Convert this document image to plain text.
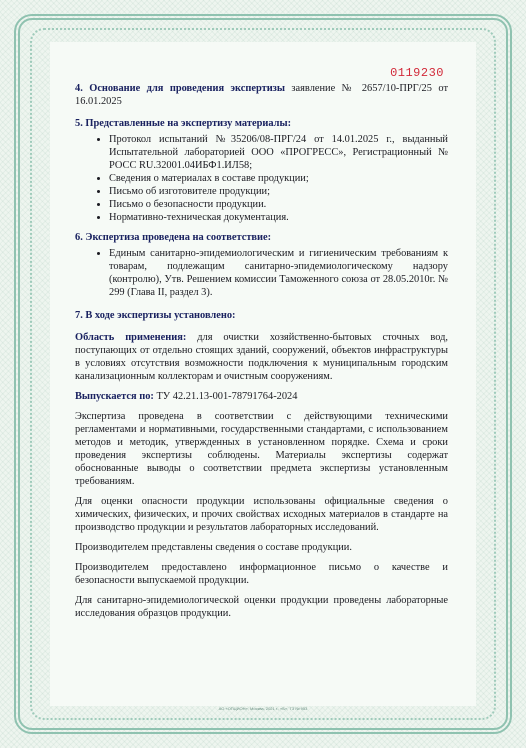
0119230

4. Основание для проведения экспертизы заявление № 2657/10-ПРГ/25 от 16.01.2025

5. Представленные на экспертизу материалы:
• Протокол испытаний №35206/08-ПРГ/24 от 14.01.2025 г., выданный Испытательной лабораторией ООО «ПРОГРЕСС», Регистрационный № РОСС RU.32001.04ИБФ1.ИЛ58;
• Сведения о материалах в составе продукции;
• Письмо об изготовителе продукции;
• Письмо о безопасности продукции.
• Нормативно-техническая документация.
6. Экспертиза проведена на соответствие:
• Единым санитарно-эпидемиологическим и гигиеническим требованиям к товарам, подлежащим санитарно-эпидемиологическому надзору (контролю), Утв. Решением комиссии Таможенного союза от 28.05.2010г. № 299 (Глава II, раздел 3).
7. В ходе экспертизы установлено:

Область применения: для очистки хозяйственно-бытовых сточных вод, поступающих от отдельно стоящих зданий, сооружений, объектов инфраструктуры в условиях отсутствия возможности подключения к муниципальным городским канализационным коллекторам и очистным сооружениям.

Выпускается по: ТУ 42.21.13-001-78791764-2024

Экспертиза проведена в соответствии с действующими техническими регламентами и нормативными, государственными стандартами, с использованием методов и методик, утвержденных в установленном порядке. Схема и сроки проведения экспертизы соблюдены. Материалы экспертизы содержат обоснованные выводы о соответствии предмета экспертизы установленным требованиям.

Для оценки опасности продукции использованы официальные сведения о химических, физических, и прочих свойствах исходных материалов в стандарте на производство продукции и результатов лабораторных исследований.

Производителем представлены сведения о составе продукции.

Производителем предоставлено информационное письмо о качестве и безопасности выпускаемой продукции.

Для санитарно-эпидемиологической оценки продукции проведены лабораторные исследования образцов продукции.

АО «ОПЦИОН», Москва, 2021 г., «Б», Т3 № 953
